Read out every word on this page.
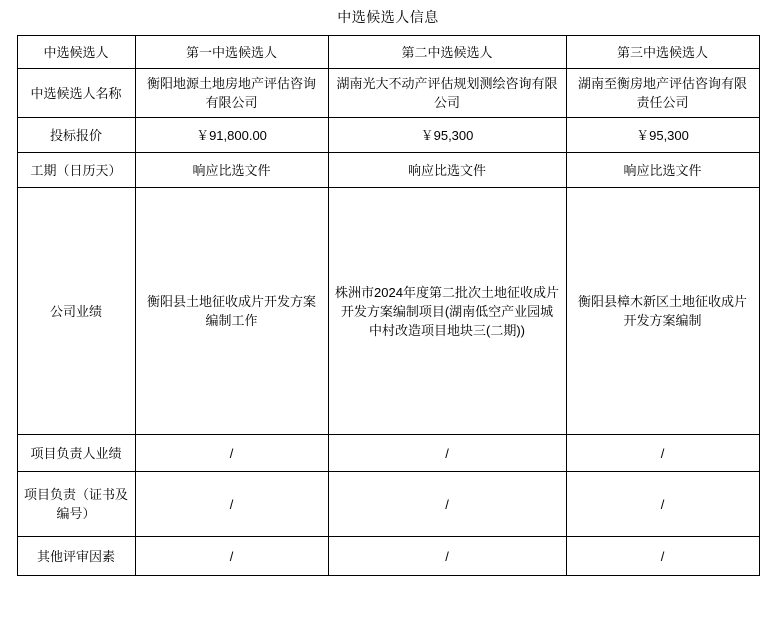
中选候选人信息
中选候选人	第一中选候选人	第二中选候选人	第三中选候选人
中选候选人名称	衡阳地源土地房地产评估咨询有限公司	湖南光大不动产评估规划测绘咨询有限公司	湖南至衡房地产评估咨询有限责任公司
投标报价	￥91,800.00	￥95,300	￥95,300
工期（日历天）	响应比选文件	响应比选文件	响应比选文件
公司业绩	衡阳县土地征收成片开发方案编制工作	株洲市2024年度第二批次土地征收成片开发方案编制项目(湖南低空产业园城中村改造项目地块三(二期))	衡阳县樟木新区土地征收成片开发方案编制
项目负责人业绩	/	/	/
项目负责（证书及编号）	/	/	/
其他评审因素	/	/	/
